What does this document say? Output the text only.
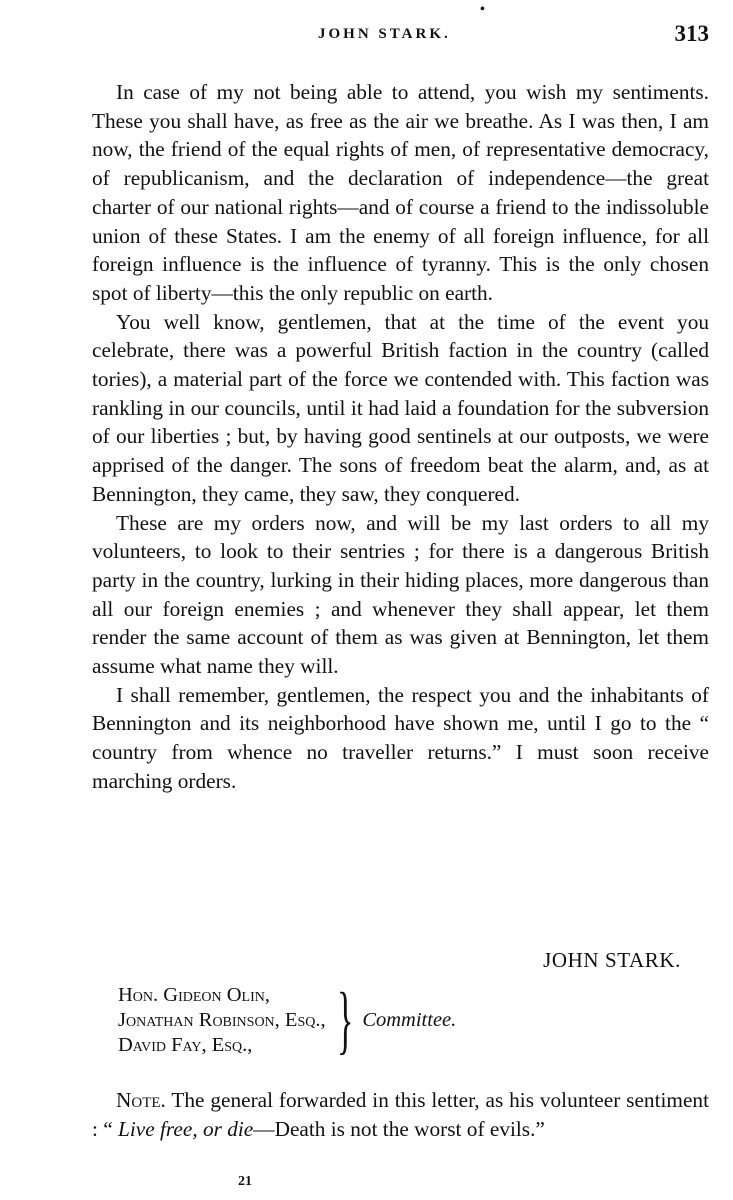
•
JOHN STARK.	313

In case of my not being able to attend, you wish my sentiments. These you shall have, as free as the air we breathe. As I was then, I am now, the friend of the equal rights of men, of representative democracy, of republicanism, and the declaration of independence—the great charter of our national rights—and of course a friend to the indissoluble union of these States. I am the enemy of all foreign influence, for all foreign influence is the influence of tyranny. This is the only chosen spot of liberty—this the only republic on earth.

You well know, gentlemen, that at the time of the event you celebrate, there was a powerful British faction in the country (called tories), a material part of the force we contended with. This faction was rankling in our councils, until it had laid a foundation for the subversion of our liberties ; but, by having good sentinels at our outposts, we were apprised of the danger. The sons of freedom beat the alarm, and, as at Bennington, they came, they saw, they conquered.

These are my orders now, and will be my last orders to all my volunteers, to look to their sentries ; for there is a dangerous British party in the country, lurking in their hiding places, more dangerous than all our foreign enemies ; and whenever they shall appear, let them render the same account of them as was given at Bennington, let them assume what name they will.

I shall remember, gentlemen, the respect you and the inhabitants of Bennington and its neighborhood have shown me, until I go to the “ country from whence no traveller returns.” I must soon receive marching orders.

JOHN STARK.
Hon. Gideon Olin,
Jonathan Robinson, Esq.,
David Fay, Esq.,	} Committee.

Note. The general forwarded in this letter, as his volunteer sentiment : “ Live free, or die—Death is not the worst of evils.”

21
